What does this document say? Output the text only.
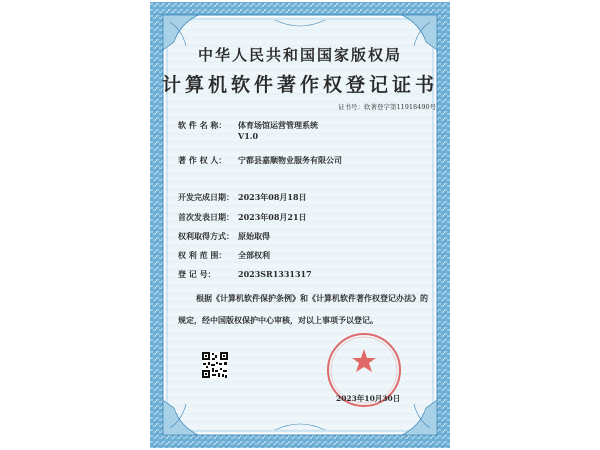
中华人民共和国国家版权局
计算机软件著作权登记证书
证书号：软著登字第11918490号
软 件 名 称： 体育场馆运营管理系统
V1.0
著 作 权 人： 宁都县嘉顺物业服务有限公司
开发完成日期： 2023年08月18日
首次发表日期： 2023年08月21日
权利取得方式： 原始取得
权 利 范 围： 全部权利
登 记 号：	2023SR1331317
根据《计算机软件保护条例》和《计算机软件著作权登记办法》的
规定，经中国版权保护中心审核，对以上事项予以登记。
2023年10月30日
